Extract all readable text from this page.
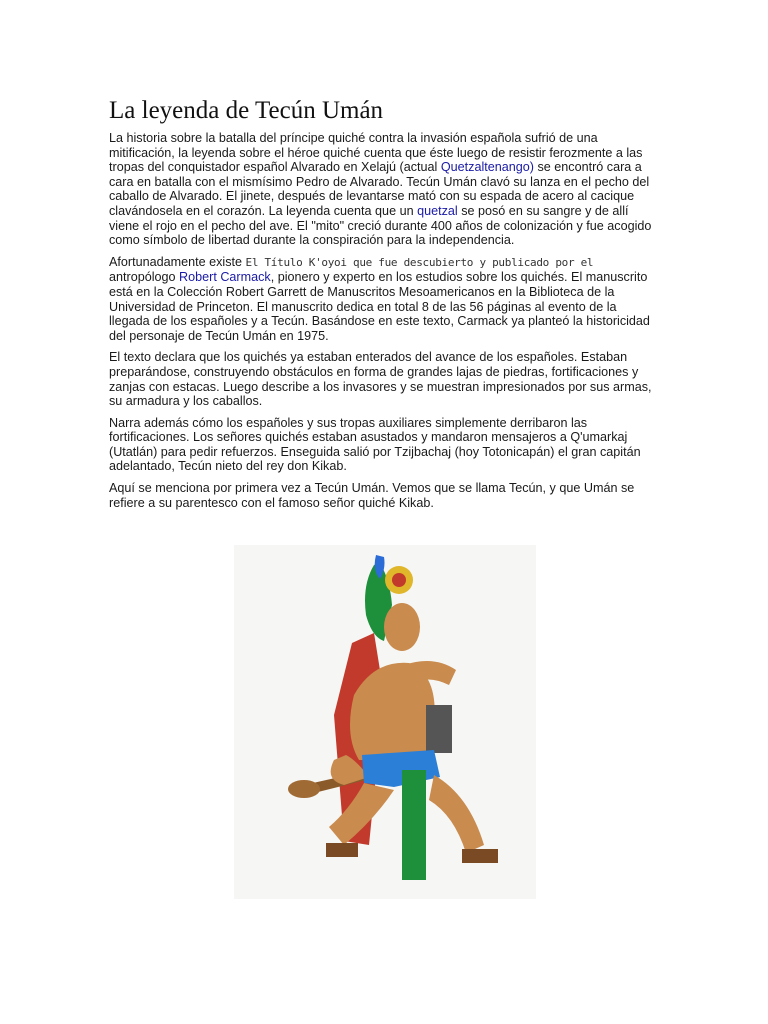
La leyenda de Tecún Umán

La historia sobre la batalla del príncipe quiché contra la invasión española sufrió de una mitificación, la leyenda sobre el héroe quiché cuenta que éste luego de resistir ferozmente a las tropas del conquistador español Alvarado en Xelajú (actual Quetzaltenango) se encontró cara a cara en batalla con el mismísimo Pedro de Alvarado. Tecún Umán clavó su lanza en el pecho del caballo de Alvarado. El jinete, después de levantarse mató con su espada de acero al cacique clavándosela en el corazón. La leyenda cuenta que un quetzal se posó en su sangre y de allí viene el rojo en el pecho del ave. El "mito" creció durante 400 años de colonización y fue acogido como símbolo de libertad durante la conspiración para la independencia.

Afortunadamente existe El Título K'oyoi que fue descubierto y publicado por el antropólogo Robert Carmack, pionero y experto en los estudios sobre los quichés. El manuscrito está en la Colección Robert Garrett de Manuscritos Mesoamericanos en la Biblioteca de la Universidad de Princeton. El manuscrito dedica en total 8 de las 56 páginas al evento de la llegada de los españoles y a Tecún. Basándose en este texto, Carmack ya planteó la historicidad del personaje de Tecún Umán en 1975.

El texto declara que los quichés ya estaban enterados del avance de los españoles. Estaban preparándose, construyendo obstáculos en forma de grandes lajas de piedras, fortificaciones y zanjas con estacas. Luego describe a los invasores y se muestran impresionados por sus armas, su armadura y los caballos.

Narra además cómo los españoles y sus tropas auxiliares simplemente derribaron las fortificaciones. Los señores quichés estaban asustados y mandaron mensajeros a Q'umarkaj (Utatlán) para pedir refuerzos. Enseguida salió por Tzijbachaj (hoy Totonicapán) el gran capitán adelantado, Tecún nieto del rey don Kikab.

Aquí se menciona por primera vez a Tecún Umán. Vemos que se llama Tecún, y que Umán se refiere a su parentesco con el famoso señor quiché Kikab.
